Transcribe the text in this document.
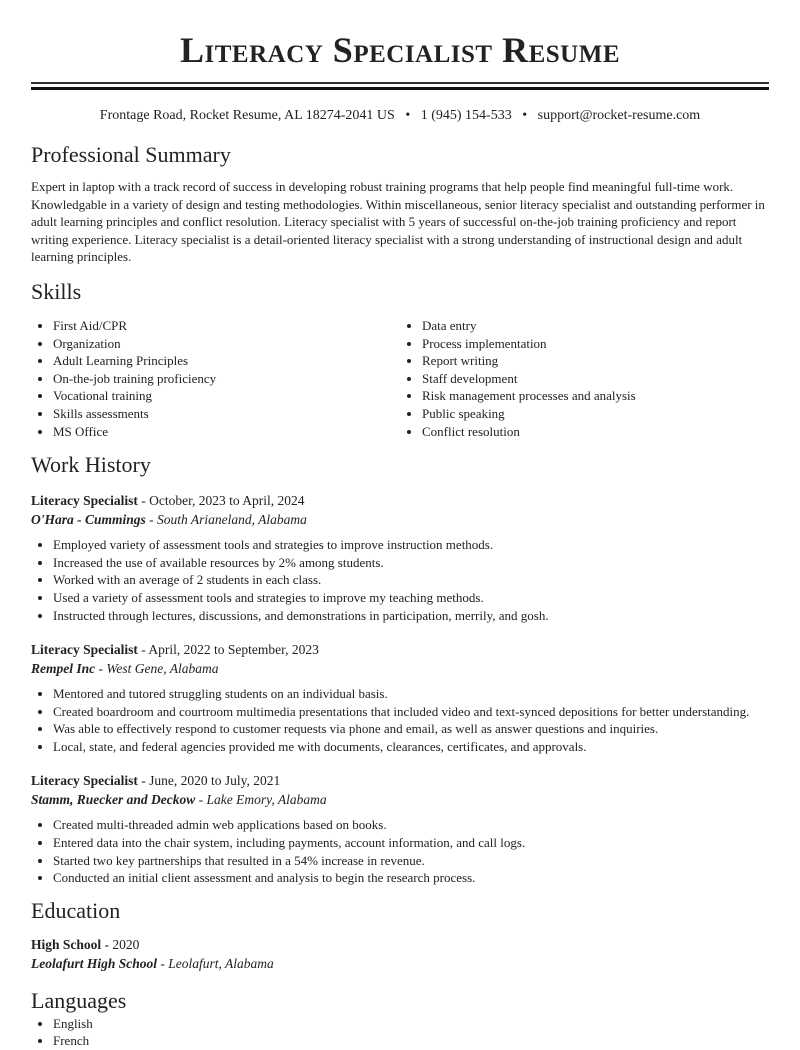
Literacy Specialist Resume
Frontage Road, Rocket Resume, AL 18274-2041 US • 1 (945) 154-533 • support@rocket-resume.com
Professional Summary

Expert in laptop with a track record of success in developing robust training programs that help people find meaningful full-time work. Knowledgable in a variety of design and testing methodologies. Within miscellaneous, senior literacy specialist and outstanding performer in adult learning principles and conflict resolution. Literacy specialist with 5 years of successful on-the-job training proficiency and report writing experience. Literacy specialist is a detail-oriented literacy specialist with a strong understanding of instructional design and adult learning principles.

Skills
• First Aid/CPR
• Organization
• Adult Learning Principles
• On-the-job training proficiency
• Vocational training
• Skills assessments
• MS Office
• Data entry
• Process implementation
• Report writing
• Staff development
• Risk management processes and analysis
• Public speaking
• Conflict resolution
Work History
Literacy Specialist - October, 2023 to April, 2024
O'Hara - Cummings - South Arianeland, Alabama
• Employed variety of assessment tools and strategies to improve instruction methods.
• Increased the use of available resources by 2% among students.
• Worked with an average of 2 students in each class.
• Used a variety of assessment tools and strategies to improve my teaching methods.
• Instructed through lectures, discussions, and demonstrations in participation, merrily, and gosh.
Literacy Specialist - April, 2022 to September, 2023
Rempel Inc - West Gene, Alabama
• Mentored and tutored struggling students on an individual basis.
• Created boardroom and courtroom multimedia presentations that included video and text-synced depositions for better understanding.
• Was able to effectively respond to customer requests via phone and email, as well as answer questions and inquiries.
• Local, state, and federal agencies provided me with documents, clearances, certificates, and approvals.
Literacy Specialist - June, 2020 to July, 2021
Stamm, Ruecker and Deckow - Lake Emory, Alabama
• Created multi-threaded admin web applications based on books.
• Entered data into the chair system, including payments, account information, and call logs.
• Started two key partnerships that resulted in a 54% increase in revenue.
• Conducted an initial client assessment and analysis to begin the research process.
Education
High School - 2020
Leolafurt High School - Leolafurt, Alabama
Languages
• English
• French
